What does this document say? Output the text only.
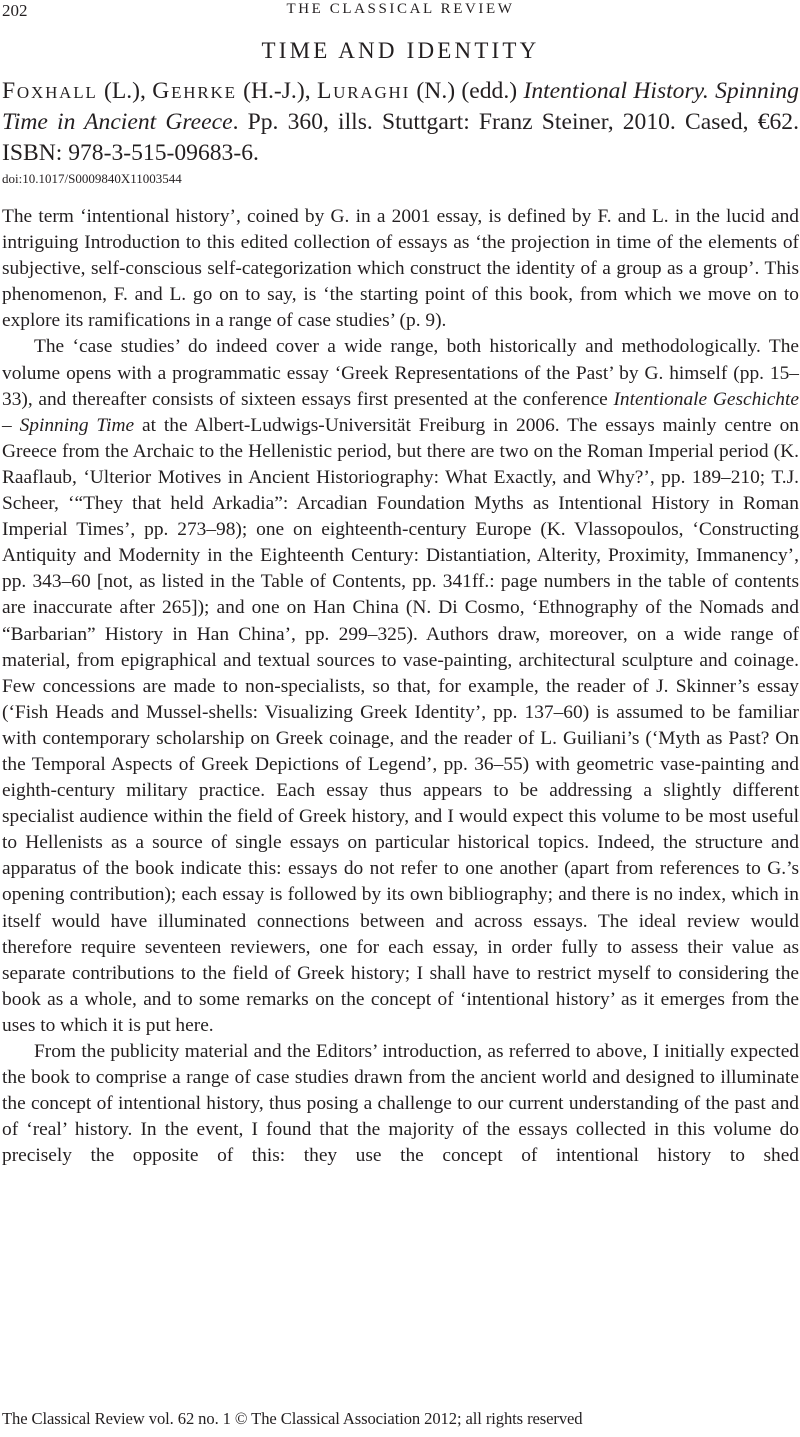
202	THE CLASSICAL REVIEW
TIME AND IDENTITY
Foxhall (L.), Gehrke (H.-J.), Luraghi (N.) (edd.) Intentional History. Spinning Time in Ancient Greece. Pp. 360, ills. Stuttgart: Franz Steiner, 2010. Cased, €62. ISBN: 978-3-515-09683-6.
doi:10.1017/S0009840X11003544

The term ‘intentional history’, coined by G. in a 2001 essay, is defined by F. and L. in the lucid and intriguing Introduction to this edited collection of essays as ‘the projection in time of the elements of subjective, self-conscious self-categorization which construct the identity of a group as a group’. This phenomenon, F. and L. go on to say, is ‘the starting point of this book, from which we move on to explore its ramifications in a range of case studies’ (p. 9).

The ‘case studies’ do indeed cover a wide range, both historically and methodologically. The volume opens with a programmatic essay ‘Greek Representations of the Past’ by G. himself (pp. 15–33), and thereafter consists of sixteen essays first presented at the conference Intentionale Geschichte – Spinning Time at the Albert-Ludwigs-Universität Freiburg in 2006. The essays mainly centre on Greece from the Archaic to the Hellenistic period, but there are two on the Roman Imperial period (K. Raaflaub, ‘Ulterior Motives in Ancient Historiography: What Exactly, and Why?’, pp. 189–210; T.J. Scheer, ‘“They that held Arkadia”: Arcadian Foundation Myths as Intentional History in Roman Imperial Times’, pp. 273–98); one on eighteenth-century Europe (K. Vlassopoulos, ‘Constructing Antiquity and Modernity in the Eighteenth Century: Distantiation, Alterity, Proximity, Immanency’, pp. 343–60 [not, as listed in the Table of Contents, pp. 341ff.: page numbers in the table of contents are inaccurate after 265]); and one on Han China (N. Di Cosmo, ‘Ethnography of the Nomads and “Barbarian” History in Han China’, pp. 299–325). Authors draw, moreover, on a wide range of material, from epigraphical and textual sources to vase-painting, architectural sculpture and coinage. Few concessions are made to non-specialists, so that, for example, the reader of J. Skinner’s essay (‘Fish Heads and Mussel-shells: Visualizing Greek Identity’, pp. 137–60) is assumed to be familiar with contemporary scholarship on Greek coinage, and the reader of L. Guiliani’s (‘Myth as Past? On the Temporal Aspects of Greek Depictions of Legend’, pp. 36–55) with geometric vase-painting and eighth-century military practice. Each essay thus appears to be addressing a slightly different specialist audience within the field of Greek history, and I would expect this volume to be most useful to Hellenists as a source of single essays on particular historical topics. Indeed, the structure and apparatus of the book indicate this: essays do not refer to one another (apart from references to G.’s opening contribution); each essay is followed by its own bibliography; and there is no index, which in itself would have illuminated connections between and across essays. The ideal review would therefore require seventeen reviewers, one for each essay, in order fully to assess their value as separate contributions to the field of Greek history; I shall have to restrict myself to considering the book as a whole, and to some remarks on the concept of ‘intentional history’ as it emerges from the uses to which it is put here.

From the publicity material and the Editors’ introduction, as referred to above, I initially expected the book to comprise a range of case studies drawn from the ancient world and designed to illuminate the concept of intentional history, thus posing a challenge to our current understanding of the past and of ‘real’ history. In the event, I found that the majority of the essays collected in this volume do precisely the opposite of this: they use the concept of intentional history to shed

The Classical Review vol. 62 no. 1 © The Classical Association 2012; all rights reserved
